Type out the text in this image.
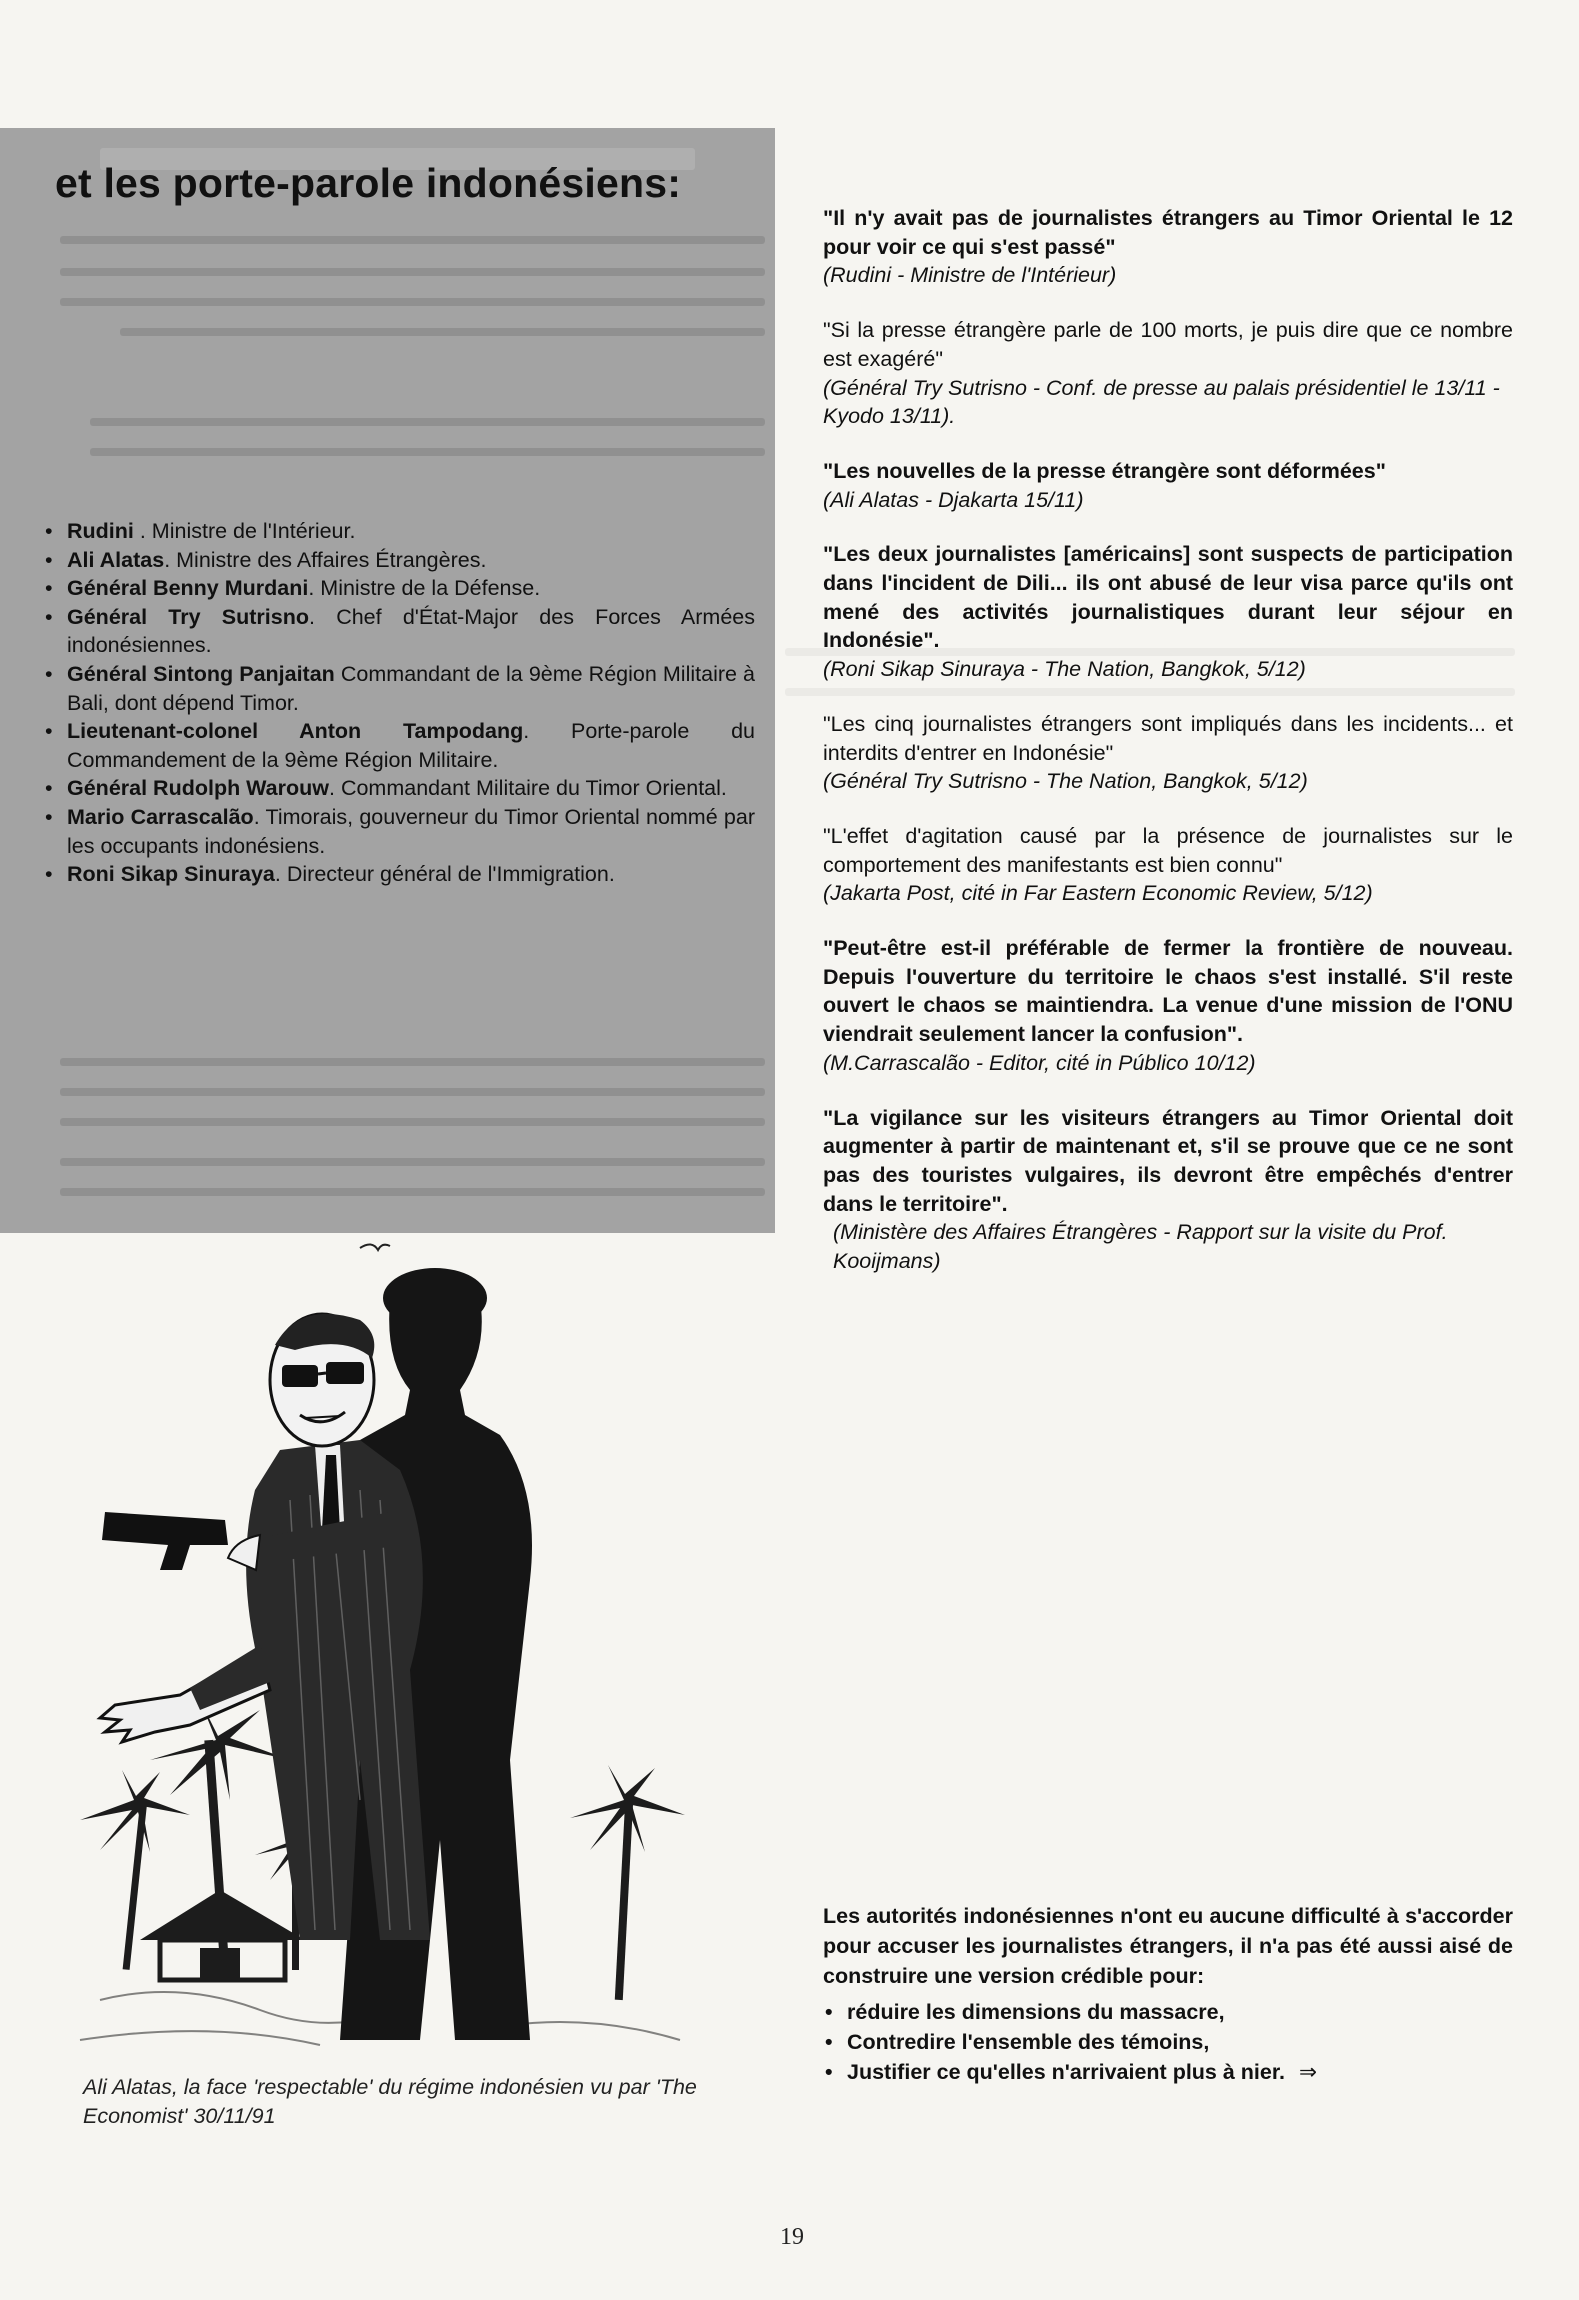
et les porte-parole indonésiens:
• Rudini . Ministre de l'Intérieur.
• Ali Alatas. Ministre des Affaires Étrangères.
• Général Benny Murdani. Ministre de la Défense.
• Général Try Sutrisno. Chef d'État-Major des Forces Armées indonésiennes.
• Général Sintong Panjaitan Commandant de la 9ème Région Militaire à Bali, dont dépend Timor.
• Lieutenant-colonel Anton Tampodang. Porte-parole du Commandement de la 9ème Région Militaire.
• Général Rudolph Warouw. Commandant Militaire du Timor Oriental.
• Mario Carrascalão. Timorais, gouverneur du Timor Oriental nommé par les occupants indonésiens.
• Roni Sikap Sinuraya. Directeur général de l'Immigration.
"Il n'y avait pas de journalistes étrangers au Timor Oriental le 12 pour voir ce qui s'est passé"
(Rudini - Ministre de l'Intérieur)
"Si la presse étrangère parle de 100 morts, je puis dire que ce nombre est exagéré"
(Général Try Sutrisno - Conf. de presse au palais présidentiel le 13/11 - Kyodo 13/11).
"Les nouvelles de la presse étrangère sont déformées"
(Ali Alatas - Djakarta 15/11)
"Les deux journalistes [américains] sont suspects de participation dans l'incident de Dili... ils ont abusé de leur visa parce qu'ils ont mené des activités journalistiques durant leur séjour en Indonésie".
(Roni Sikap Sinuraya - The Nation, Bangkok, 5/12)
"Les cinq journalistes étrangers sont impliqués dans les incidents... et interdits d'entrer en Indonésie"
(Général Try Sutrisno - The Nation, Bangkok, 5/12)
"L'effet d'agitation causé par la présence de journalistes sur le comportement des manifestants est bien connu"
(Jakarta Post, cité in Far Eastern Economic Review, 5/12)
"Peut-être est-il préférable de fermer la frontière de nouveau. Depuis l'ouverture du territoire le chaos s'est installé. S'il reste ouvert le chaos se maintiendra. La venue d'une mission de l'ONU viendrait seulement lancer la confusion".
(M.Carrascalão - Editor, cité in Público 10/12)
"La vigilance sur les visiteurs étrangers au Timor Oriental doit augmenter à partir de maintenant et, s'il se prouve que ce ne sont pas des touristes vulgaires, ils devront être empêchés d'entrer dans le territoire".
(Ministère des Affaires Étrangères - Rapport sur la visite du Prof. Kooijmans)

Ali Alatas, la face 'respectable' du régime indonésien vu par 'The Economist' 30/11/91

Les autorités indonésiennes n'ont eu aucune difficulté à s'accorder pour accuser les journalistes étrangers, il n'a pas été aussi aisé de construire une version crédible pour:

• réduire les dimensions du massacre,
• Contredire l'ensemble des témoins,
• Justifier ce qu'elles n'arrivaient plus à nier. ⇒
19
